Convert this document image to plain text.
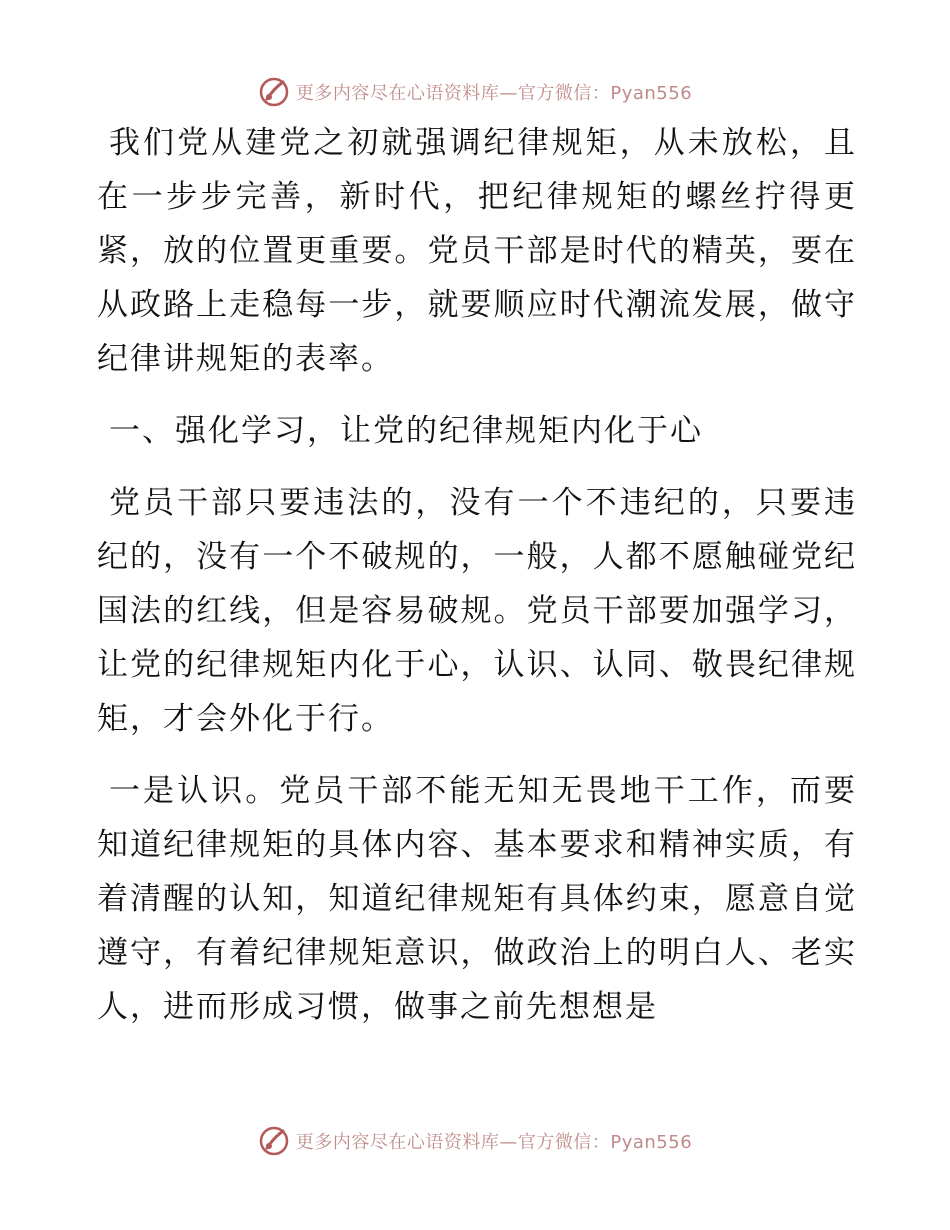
更多内容尽在心语资料库—官方微信：Pyan556

我们党从建党之初就强调纪律规矩，从未放松，且在一步步完善，新时代，把纪律规矩的螺丝拧得更紧，放的位置更重要。党员干部是时代的精英，要在从政路上走稳每一步，就要顺应时代潮流发展，做守纪律讲规矩的表率。

一、强化学习，让党的纪律规矩内化于心

党员干部只要违法的，没有一个不违纪的，只要违纪的，没有一个不破规的，一般，人都不愿触碰党纪国法的红线，但是容易破规。党员干部要加强学习，让党的纪律规矩内化于心，认识、认同、敬畏纪律规矩，才会外化于行。

一是认识。党员干部不能无知无畏地干工作，而要知道纪律规矩的具体内容、基本要求和精神实质，有着清醒的认知，知道纪律规矩有具体约束，愿意自觉遵守，有着纪律规矩意识，做政治上的明白人、老实人，进而形成习惯，做事之前先想想是

更多内容尽在心语资料库—官方微信：Pyan556
